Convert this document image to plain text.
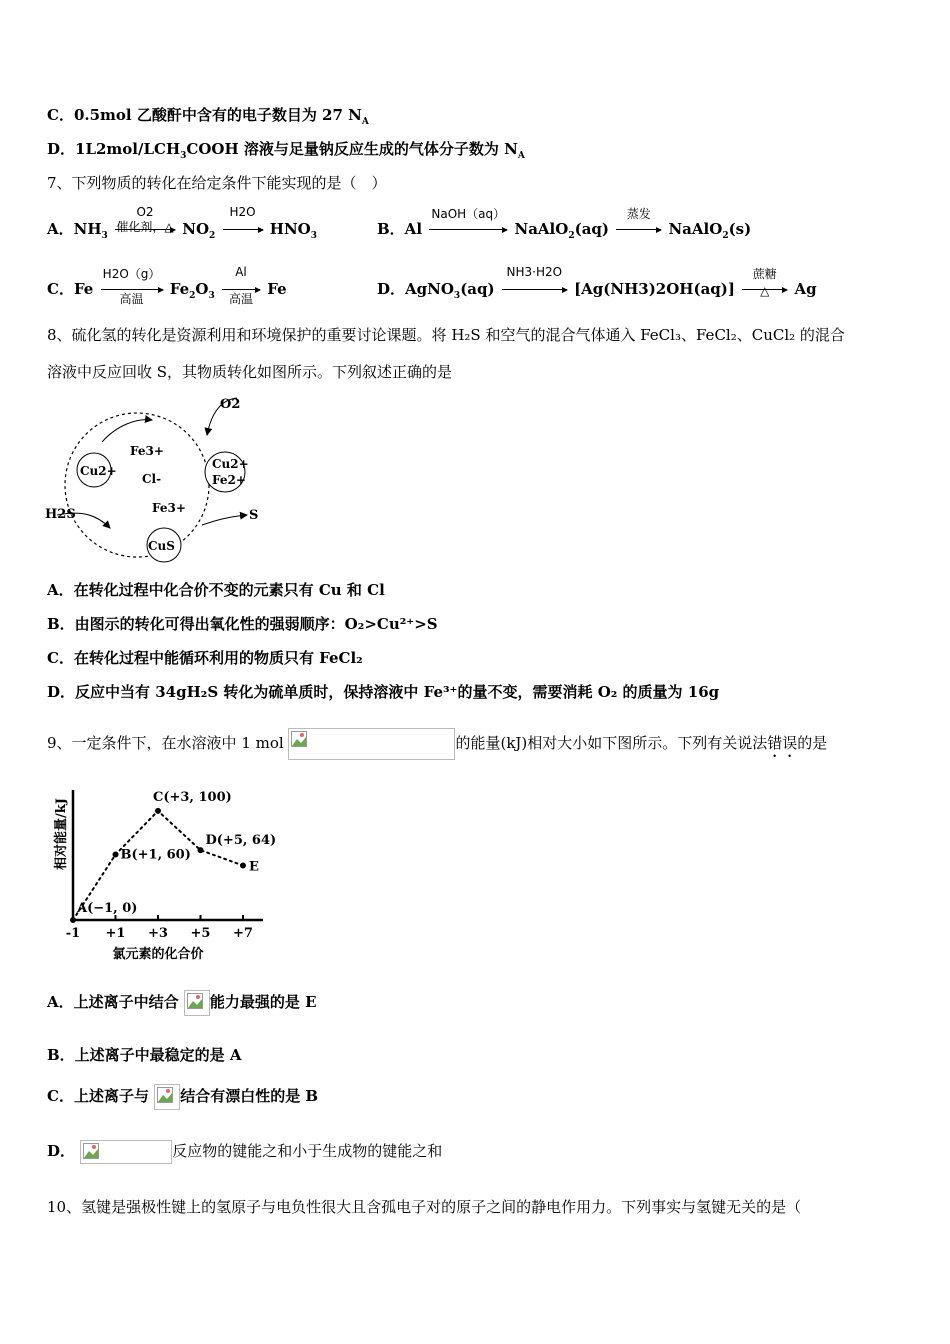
C．0.5mol 乙酸酐中含有的电子数目为 27 $N_A$
D．$1L2mol/LCH_3COOH$ 溶液与足量钠反应生成的气体分子数为 $N_A$
7、下列物质的转化在给定条件下能实现的是（　）
A．$NH_3$
O2
催化剂，△ $NO_2$
H2O
$HNO_3$	B．Al
NaOH（aq）
NaAlO$_2$(aq)
蒸发
NaAlO$_2$(s)
C．Fe
H2O（g）
高温
$Fe_2O_3$
Al
高温
Fe	D．AgNO$_3$(aq)
NH3·H2O
[Ag(NH3)2OH(aq)]
蔗糖
△	Ag
8、硫化氢的转化是资源利用和环境保护的重要讨论课题。将 H₂S 和空气的混合气体通入 FeCl₃、FeCl₂、CuCl₂ 的混合
溶液中反应回收 S，其物质转化如图所示。下列叙述正确的是
O2
Cu2+
Fe3+
Cl-
Cu2+
Fe2+
Fe3+
H2S	S
CuS
A．在转化过程中化合价不变的元素只有 Cu 和 Cl
B．由图示的转化可得出氧化性的强弱顺序：O₂>Cu²⁺>S
C．在转化过程中能循环利用的物质只有 FeCl₂
D．反应中当有 34gH₂S 转化为硫单质时，保持溶液中 Fe³⁺的量不变，需要消耗 O₂ 的质量为 16g
9、一定条件下，在水溶液中 1 mol	的能量(kJ)相对大小如下图所示。下列有关说法错误的是
-1 +1 +3 +5 +7
相对能量/kJ
氯元素的化合价
A(−1, 0)
B(+1, 60)
C(+3, 100)
D(+5, 64)
E
A．上述离子中结合 能力最强的是 E
B．上述离子中最稳定的是 A
C．上述离子与 结合有漂白性的是 B
D．	反应物的键能之和小于生成物的键能之和
10、氢键是强极性键上的氢原子与电负性很大且含孤电子对的原子之间的静电作用力。下列事实与氢键无关的是（
